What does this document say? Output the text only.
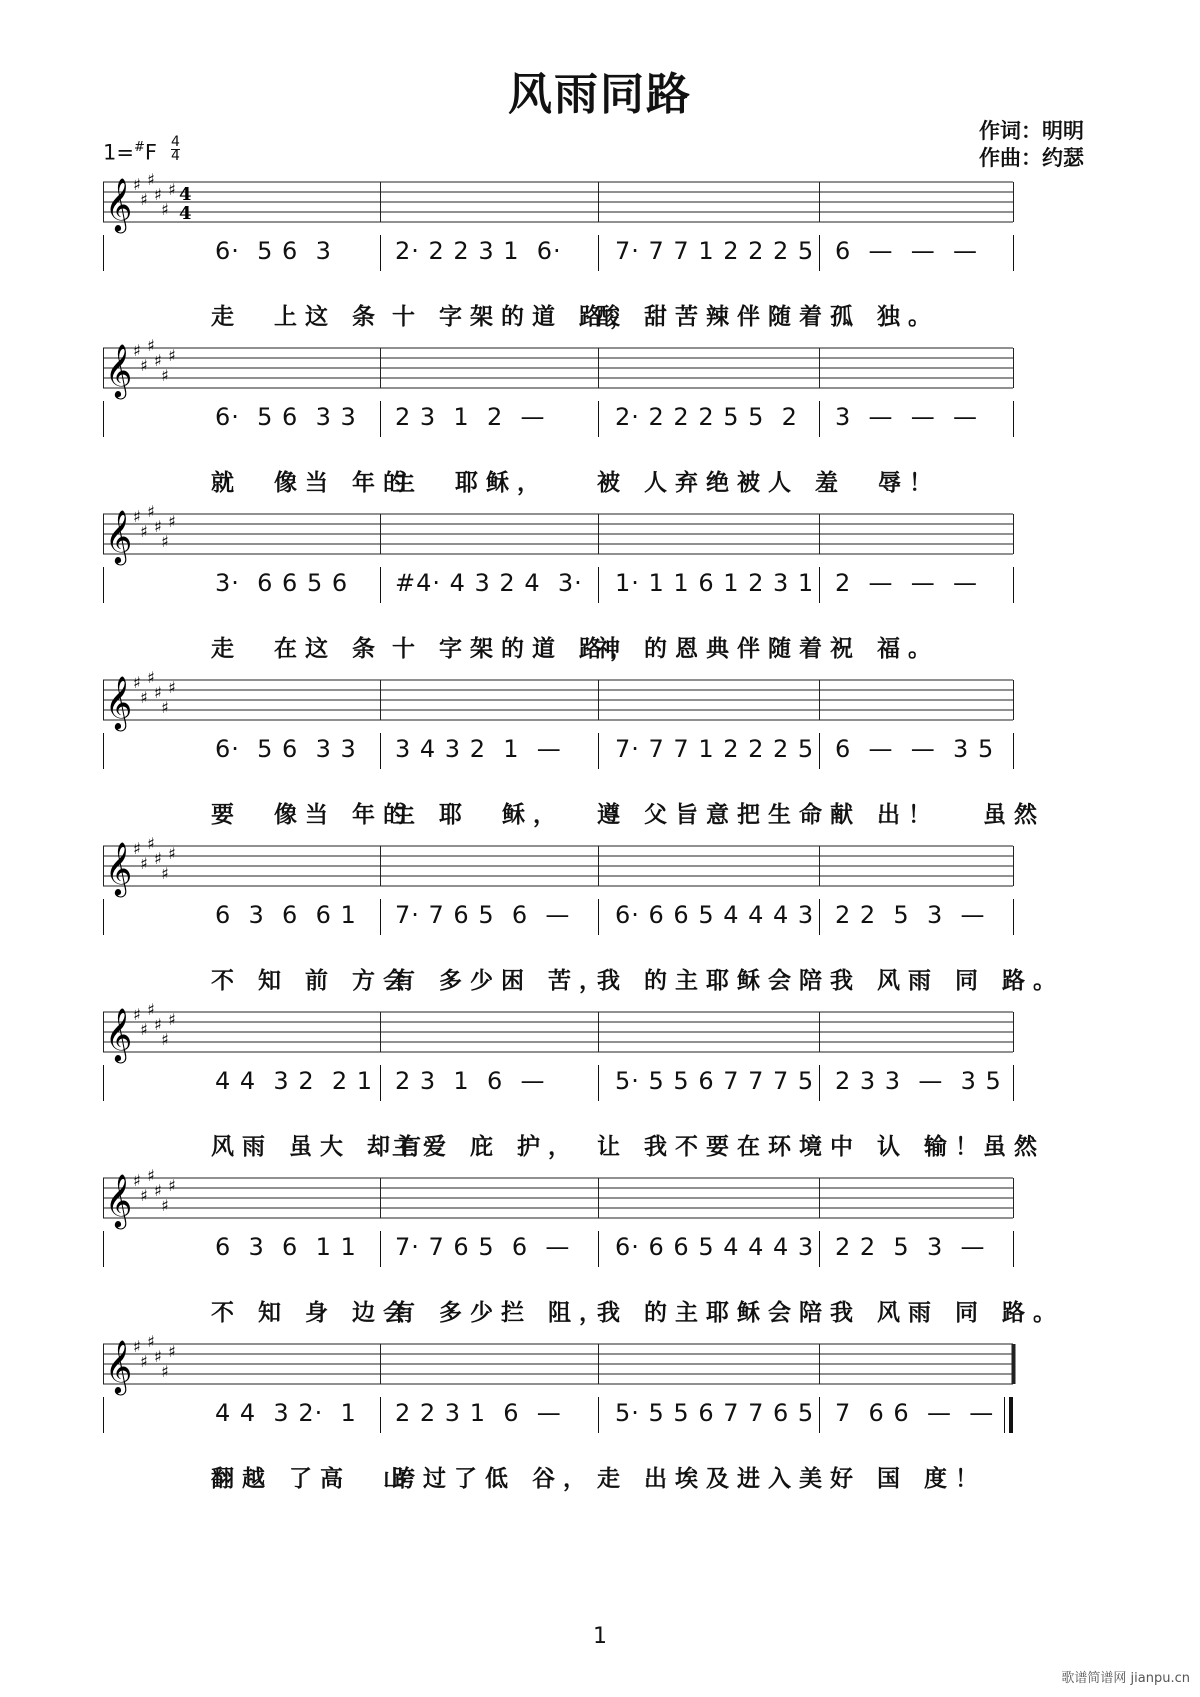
风雨同路
作词：明明
作曲：约瑟
$1=^{\#}F \frac{4}{4}$
𝄞 ♯
♯
♯
♯
♯
♯ 4
4
6·  5 6  3	2· 2 2 3 1  6· 7· 7 7 1 2 2 2 5 6  —  —  —
走  上这 条 十 字架的道 路，
酸 甜苦辣伴随着孤 独。
𝄞 ♯
♯
♯
♯
♯
♯
6·  5 6  3 3 2 3  1  2  —	2· 2 2 2 5 5  2 3  —  —  —
就  像当 年的
主  耶稣， 被 人弃绝被人 羞  辱！
𝄞 ♯
♯
♯
♯
♯
♯
3·  6 6 5 6 #4· 4 3 2 4  3· 1· 1 1 6 1 2 3 1 2  —  —  —
走  在这 条 十 字架的道 路，
神 的恩典伴随着祝 福。
𝄞 ♯
♯
♯
♯
♯
♯
6·  5 6  3 3 3 4 3 2  1  — 7· 7 7 1 2 2 2 5 6  —  —  3 5
要  像当 年的
主 耶  稣， 遵 父旨意把生命献 出！ 虽然
𝄞 ♯
♯
♯
♯
♯
♯
6  3  6  6 1 7· 7 6 5  6  — 6· 6 6 5 4 4 4 3 2 2  5  3  —
不 知 前 方会
有 多少困 苦，
我 的主耶稣会陪我 风雨 同 路。
𝄞 ♯
♯
♯
♯
♯
♯
4 4  3 2  2 1 2 3  1  6  —	5· 5 5 6 7 7 7 5 2 3 3  —  3 5
风雨 虽大 却有
主爱 庇 护， 让 我不要在环境中 认 输！
虽然
𝄞 ♯
♯
♯
♯
♯
♯
6  3  6  1 1 7· 7 6 5  6  — 6· 6 6 5 4 4 4 3 2 2  5  3  —
不 知 身 边会
有 多少拦 阻，
我 的主耶稣会陪我 风雨 同 路。
𝄞 ♯
♯
♯
♯
♯
♯
4 4  3 2·  1 2 2 3 1  6  — 5· 5 5 6 7 7 6 5 7  6 6  —  —
翻越 了高  山
跨过了低 谷， 走 出埃及进入美好 国 度！
1
歌谱简谱网 jianpu.cn
